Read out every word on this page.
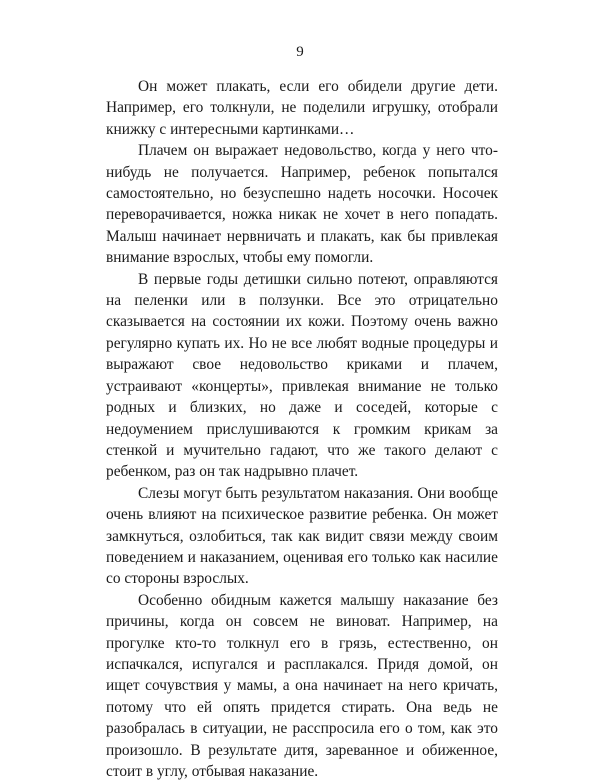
9

Он может плакать, если его обидели другие дети. Например, его толкнули, не поделили игрушку, отобрали книжку с интересными картинками…

Плачем он выражает недовольство, когда у него что-нибудь не получается. Например, ребенок попытался самостоятельно, но безуспешно надеть носочки. Носочек переворачивается, ножка никак не хочет в него попадать. Малыш начинает нервничать и плакать, как бы привлекая внимание взрослых, чтобы ему помогли.

В первые годы детишки сильно потеют, оправляются на пеленки или в ползунки. Все это отрицательно сказывается на состоянии их кожи. Поэтому очень важно регулярно купать их. Но не все любят водные процедуры и выражают свое недовольство криками и плачем, устраивают «концерты», привлекая внимание не только родных и близких, но даже и соседей, которые с недоумением прислушиваются к громким крикам за стенкой и мучительно гадают, что же такого делают с ребенком, раз он так надрывно плачет.

Слезы могут быть результатом наказания. Они вообще очень влияют на психическое развитие ребенка. Он может замкнуться, озлобиться, так как видит связи между своим поведением и наказанием, оценивая его только как насилие со стороны взрослых.

Особенно обидным кажется малышу наказание без причины, когда он совсем не виноват. Например, на прогулке кто-то толкнул его в грязь, естественно, он испачкался, испугался и расплакался. Придя домой, он ищет сочувствия у мамы, а она начинает на него кричать, потому что ей опять придется стирать. Она ведь не разобралась в ситуации, не расспросила его о том, как это произошло. В результате дитя, зареванное и обиженное, стоит в углу, отбывая наказание.
